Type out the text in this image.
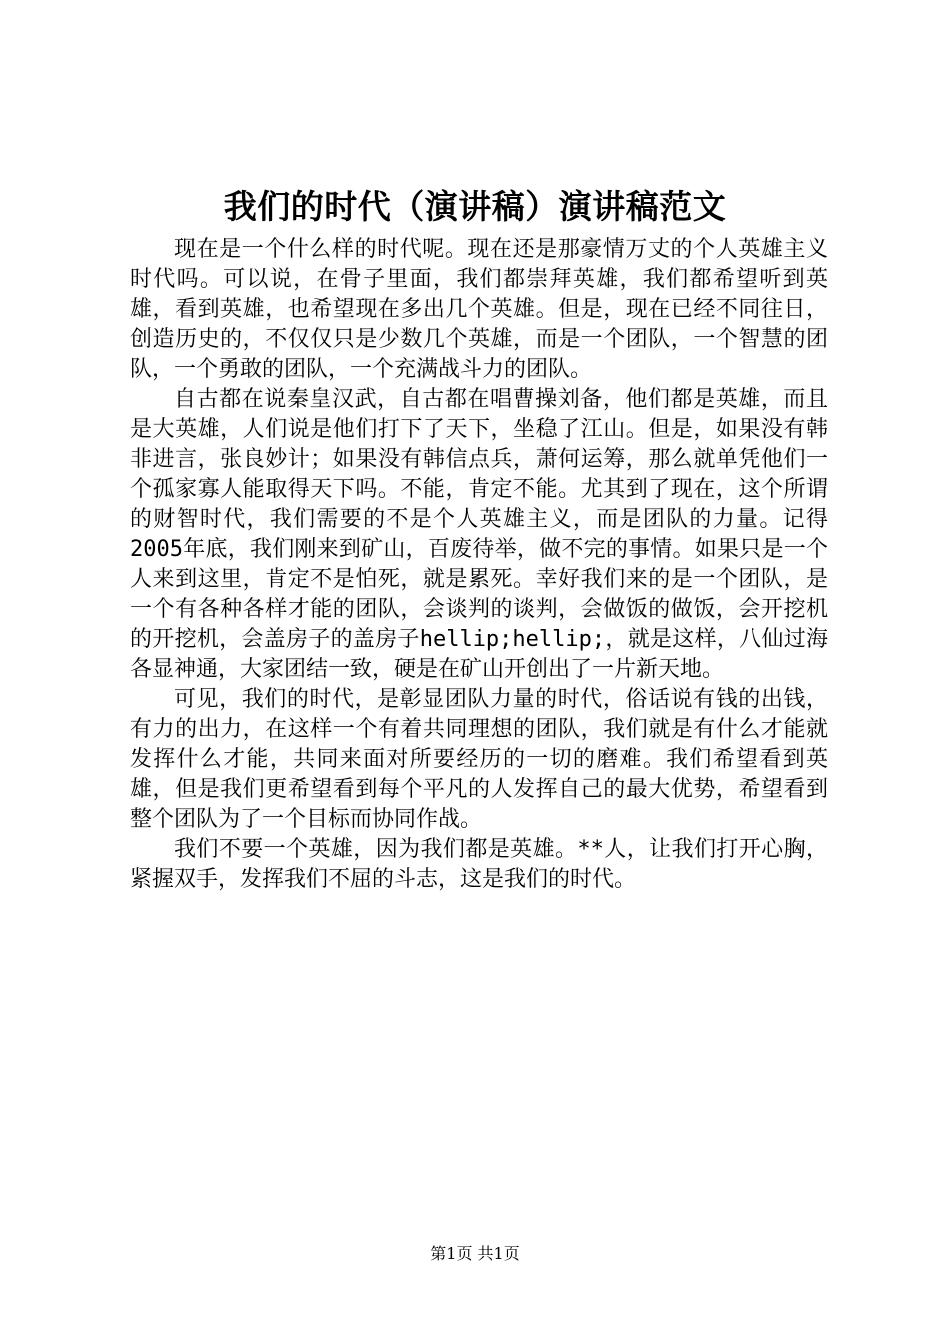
我们的时代（演讲稿）演讲稿范文

现在是一个什么样的时代呢。现在还是那豪情万丈的个人英雄主义时代吗。可以说，在骨子里面，我们都崇拜英雄，我们都希望听到英雄，看到英雄，也希望现在多出几个英雄。但是，现在已经不同往日，创造历史的，不仅仅只是少数几个英雄，而是一个团队，一个智慧的团队，一个勇敢的团队，一个充满战斗力的团队。

自古都在说秦皇汉武，自古都在唱曹操刘备，他们都是英雄，而且是大英雄，人们说是他们打下了天下，坐稳了江山。但是，如果没有韩非进言，张良妙计；如果没有韩信点兵，萧何运筹，那么就单凭他们一个孤家寡人能取得天下吗。不能，肯定不能。尤其到了现在，这个所谓的财智时代，我们需要的不是个人英雄主义，而是团队的力量。记得2005年底，我们刚来到矿山，百废待举，做不完的事情。如果只是一个人来到这里，肯定不是怕死，就是累死。幸好我们来的是一个团队，是一个有各种各样才能的团队，会谈判的谈判，会做饭的做饭，会开挖机的开挖机，会盖房子的盖房子hellip;hellip;，就是这样，八仙过海各显神通，大家团结一致，硬是在矿山开创出了一片新天地。

可见，我们的时代，是彰显团队力量的时代，俗话说有钱的出钱，有力的出力，在这样一个有着共同理想的团队，我们就是有什么才能就发挥什么才能，共同来面对所要经历的一切的磨难。我们希望看到英雄，但是我们更希望看到每个平凡的人发挥自己的最大优势，希望看到整个团队为了一个目标而协同作战。

我们不要一个英雄，因为我们都是英雄。**人，让我们打开心胸，紧握双手，发挥我们不屈的斗志，这是我们的时代。

第1页 共1页
